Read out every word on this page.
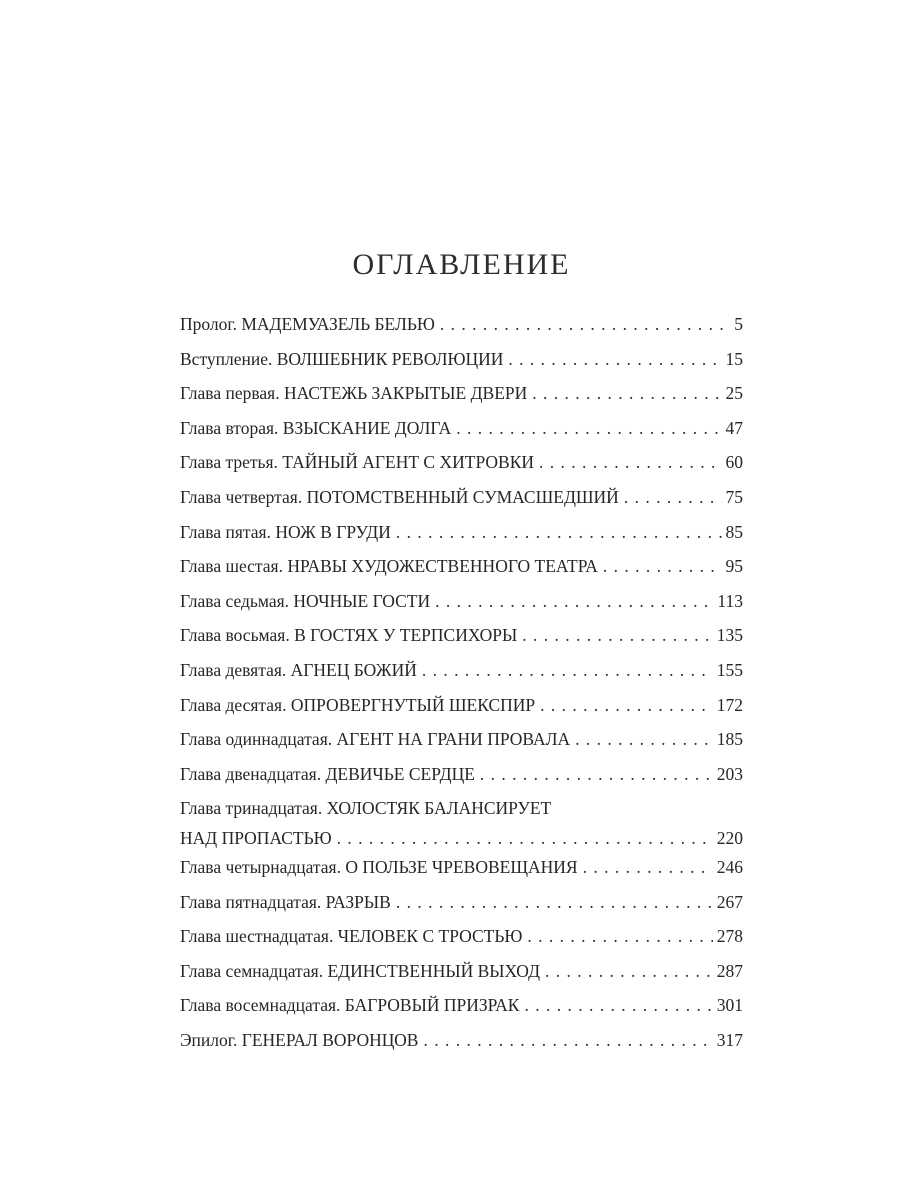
ОГЛАВЛЕНИЕ
Пролог. МАДЕМУАЗЕЛЬ БЕЛЬЮ . . .	5
Вступление. ВОЛШЕБНИК РЕВОЛЮЦИИ . . .	15
Глава первая. НАСТЕЖЬ ЗАКРЫТЫЕ ДВЕРИ . . .	25
Глава вторая. ВЗЫСКАНИЕ ДОЛГА . . .	47
Глава третья. ТАЙНЫЙ АГЕНТ С ХИТРОВКИ . . .	60
Глава четвертая. ПОТОМСТВЕННЫЙ СУМАСШЕДШИЙ . . .	75
Глава пятая. НОЖ В ГРУДИ . . .	85
Глава шестая. НРАВЫ ХУДОЖЕСТВЕННОГО ТЕАТРА . . .	95
Глава седьмая. НОЧНЫЕ ГОСТИ . . .	113
Глава восьмая. В ГОСТЯХ У ТЕРПСИХОРЫ . . .	135
Глава девятая. АГНЕЦ БОЖИЙ . . .	155
Глава десятая. ОПРОВЕРГНУТЫЙ ШЕКСПИР . . .	172
Глава одиннадцатая. АГЕНТ НА ГРАНИ ПРОВАЛА . . .	185
Глава двенадцатая. ДЕВИЧЬЕ СЕРДЦЕ . . .	203
Глава тринадцатая. ХОЛОСТЯК БАЛАНСИРУЕТ
НАД ПРОПАСТЬЮ . . .	220
Глава четырнадцатая. О ПОЛЬЗЕ ЧРЕВОВЕЩАНИЯ . . .	246
Глава пятнадцатая. РАЗРЫВ . . .	267
Глава шестнадцатая. ЧЕЛОВЕК С ТРОСТЬЮ . . .	278
Глава семнадцатая. ЕДИНСТВЕННЫЙ ВЫХОД . . .	287
Глава восемнадцатая. БАГРОВЫЙ ПРИЗРАК . . .	301
Эпилог. ГЕНЕРАЛ ВОРОНЦОВ . . .	317
